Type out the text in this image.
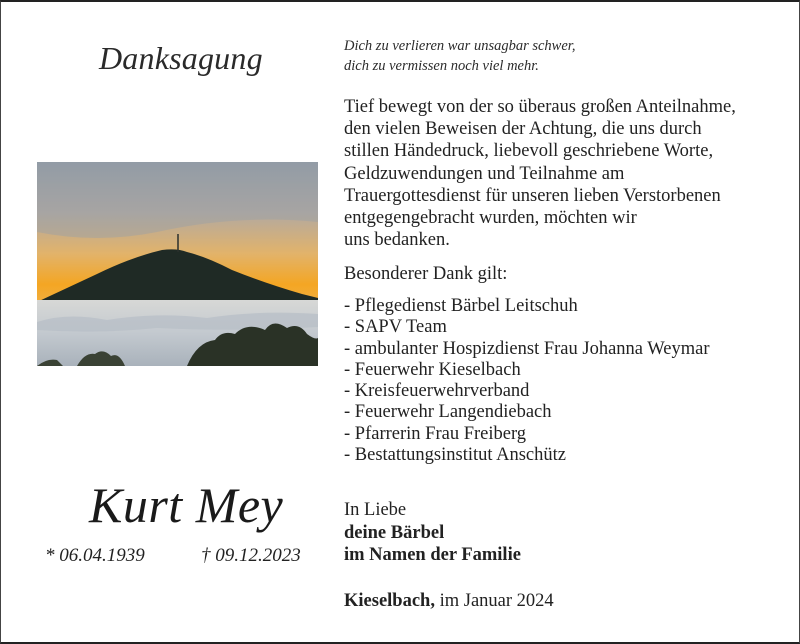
Danksagung
Kurt Mey
* 06.04.1939	† 09.12.2023
Dich zu verlieren war unsagbar schwer,
dich zu vermissen noch viel mehr.
Tief bewegt von der so überaus großen Anteilnahme,
den vielen Beweisen der Achtung, die uns durch
stillen Händedruck, liebevoll geschriebene Worte,
Geldzuwendungen und Teilnahme am
Trauergottesdienst für unseren lieben Verstorbenen
entgegengebracht wurden, möchten wir
uns bedanken.
Besonderer Dank gilt:
- Pflegedienst Bärbel Leitschuh
- SAPV Team
- ambulanter Hospizdienst Frau Johanna Weymar
- Feuerwehr Kieselbach
- Kreisfeuerwehrverband
- Feuerwehr Langendiebach
- Pfarrerin Frau Freiberg
- Bestattungsinstitut Anschütz
In Liebe
deine Bärbel
im Namen der Familie
Kieselbach, im Januar 2024
